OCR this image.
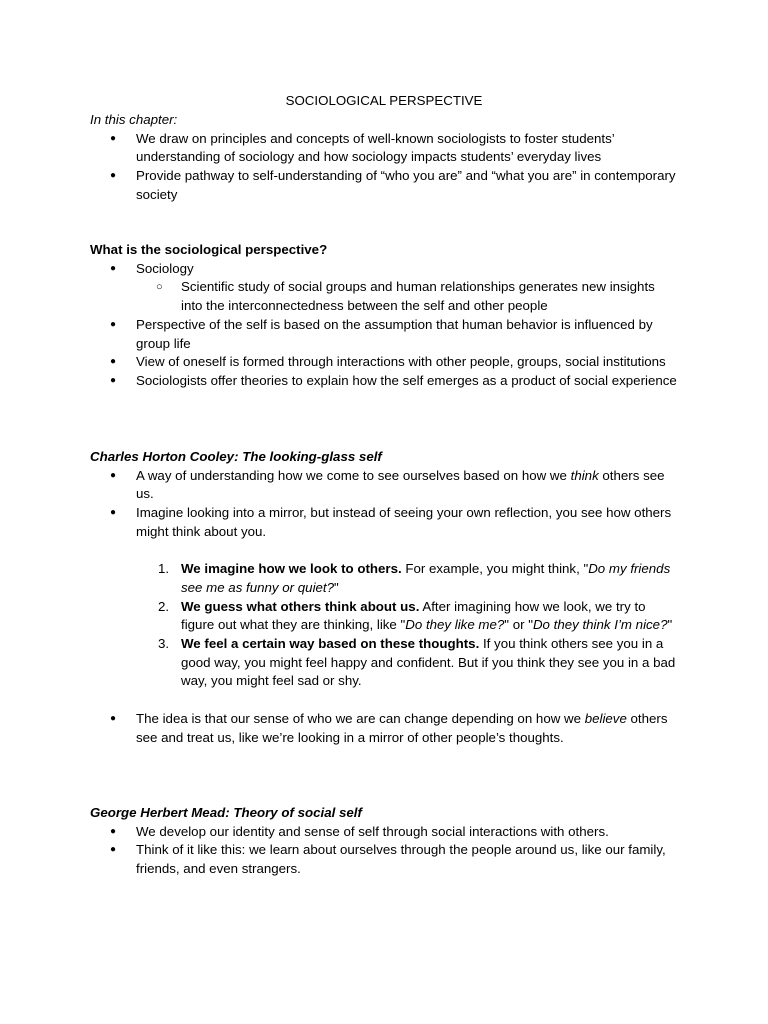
SOCIOLOGICAL PERSPECTIVE

In this chapter:

● We draw on principles and concepts of well-known sociologists to foster students’ understanding of sociology and how sociology impacts students’ everyday lives
● Provide pathway to self-understanding of “who you are” and “what you are” in contemporary society

What is the sociological perspective?

● Sociology
○ Scientific study of social groups and human relationships generates new insights into the interconnectedness between the self and other people
● Perspective of the self is based on the assumption that human behavior is influenced by group life
● View of oneself is formed through interactions with other people, groups, social institutions
● Sociologists offer theories to explain how the self emerges as a product of social experience

Charles Horton Cooley: The looking-glass self

● A way of understanding how we come to see ourselves based on how we think others see us.
● Imagine looking into a mirror, but instead of seeing your own reflection, you see how others might think about you.
1. We imagine how we look to others. For example, you might think, "Do my friends see me as funny or quiet?"
2. We guess what others think about us. After imagining how we look, we try to figure out what they are thinking, like "Do they like me?" or "Do they think I’m nice?"
3. We feel a certain way based on these thoughts. If you think others see you in a good way, you might feel happy and confident. But if you think they see you in a bad way, you might feel sad or shy.
● The idea is that our sense of who we are can change depending on how we believe others see and treat us, like we’re looking in a mirror of other people’s thoughts.

George Herbert Mead: Theory of social self

● We develop our identity and sense of self through social interactions with others.
● Think of it like this: we learn about ourselves through the people around us, like our family, friends, and even strangers.
